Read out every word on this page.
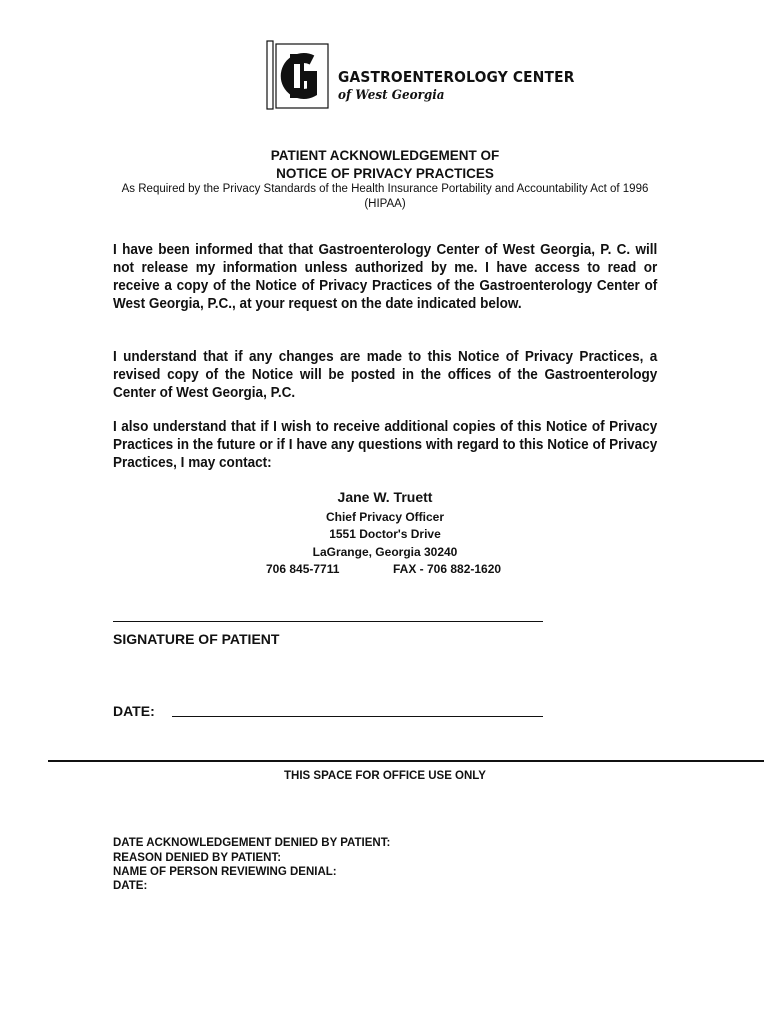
GASTROENTEROLOGY CENTER
of West Georgia
PATIENT ACKNOWLEDGEMENT OF
NOTICE OF PRIVACY PRACTICES
As Required by the Privacy Standards of the Health Insurance Portability and Accountability Act of 1996 (HIPAA)
I have been informed that that Gastroenterology Center of West Georgia, P. C. will not release my information unless authorized by me. I have access to read or receive a copy of the Notice of Privacy Practices of the Gastroenterology Center of West Georgia, P.C., at your request on the date indicated below.
I understand that if any changes are made to this Notice of Privacy Practices, a revised copy of the Notice will be posted in the offices of the Gastroenterology Center of West Georgia, P.C.
I also understand that if I wish to receive additional copies of this Notice of Privacy Practices in the future or if I have any questions with regard to this Notice of Privacy Practices, I may contact:
Jane W. Truett
Chief Privacy Officer
1551 Doctor's Drive
LaGrange, Georgia 30240
706 845-7711	FAX - 706 882-1620
SIGNATURE OF PATIENT
DATE:
THIS SPACE FOR OFFICE USE ONLY
DATE ACKNOWLEDGEMENT DENIED BY PATIENT:
REASON DENIED BY PATIENT:
NAME OF PERSON REVIEWING DENIAL:
DATE:
